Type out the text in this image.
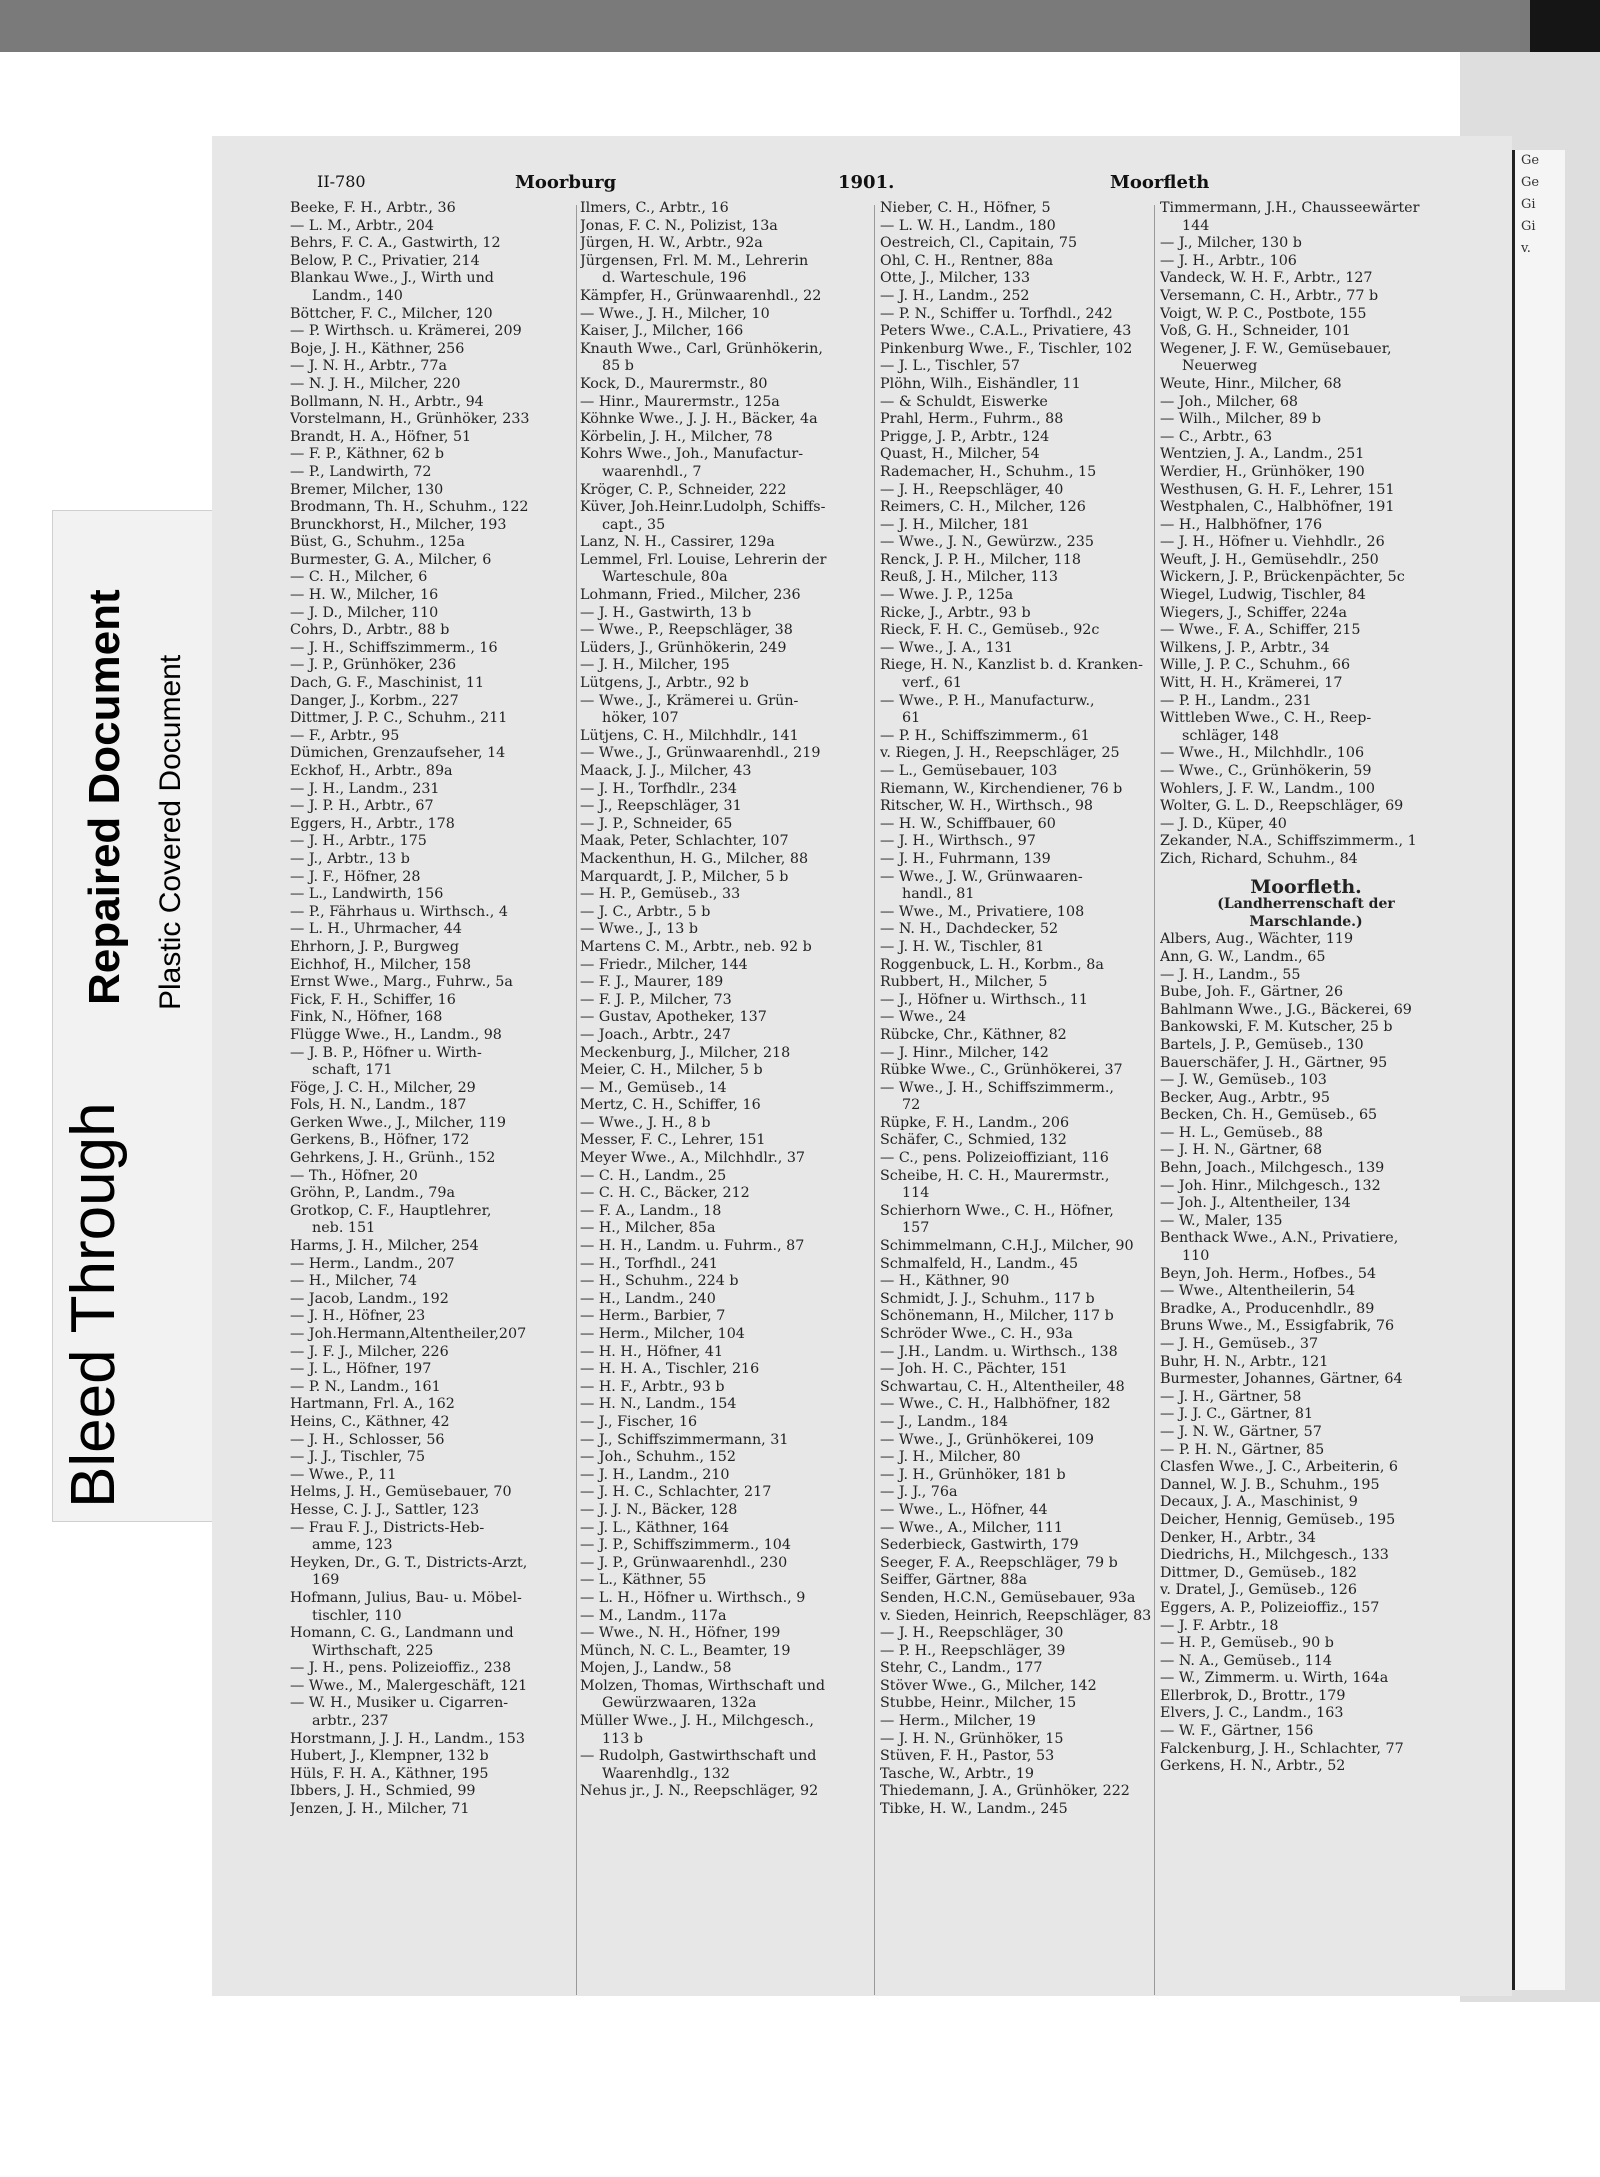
Bleed Through
Repaired Document Plastic Covered Document
Ge
Ge
Gi
Gi
v.
II-780	Moorburg	1901.	Moorfleth
Beeke, F. H., Arbtr., 36
— L. M., Arbtr., 204
Behrs, F. C. A., Gastwirth, 12
Below, P. C., Privatier, 214
Blankau Wwe., J., Wirth und
Landm., 140
Böttcher, F. C., Milcher, 120
— P. Wirthsch. u. Krämerei, 209
Boje, J. H., Käthner, 256
— J. N. H., Arbtr., 77a
— N. J. H., Milcher, 220
Bollmann, N. H., Arbtr., 94
Vorstelmann, H., Grünhöker, 233
Brandt, H. A., Höfner, 51
— F. P., Käthner, 62 b
— P., Landwirth, 72
Bremer, Milcher, 130
Brodmann, Th. H., Schuhm., 122
Brunckhorst, H., Milcher, 193
Büst, G., Schuhm., 125a
Burmester, G. A., Milcher, 6
— C. H., Milcher, 6
— H. W., Milcher, 16
— J. D., Milcher, 110
Cohrs, D., Arbtr., 88 b
— J. H., Schiffszimmerm., 16
— J. P., Grünhöker, 236
Dach, G. F., Maschinist, 11
Danger, J., Korbm., 227
Dittmer, J. P. C., Schuhm., 211
— F., Arbtr., 95
Dümichen, Grenzaufseher, 14
Eckhof, H., Arbtr., 89a
— J. H., Landm., 231
— J. P. H., Arbtr., 67
Eggers, H., Arbtr., 178
— J. H., Arbtr., 175
— J., Arbtr., 13 b
— J. F., Höfner, 28
— L., Landwirth, 156
— P., Fährhaus u. Wirthsch., 4
— L. H., Uhrmacher, 44
Ehrhorn, J. P., Burgweg
Eichhof, H., Milcher, 158
Ernst Wwe., Marg., Fuhrw., 5a
Fick, F. H., Schiffer, 16
Fink, N., Höfner, 168
Flügge Wwe., H., Landm., 98
— J. B. P., Höfner u. Wirth-
schaft, 171
Föge, J. C. H., Milcher, 29
Fols, H. N., Landm., 187
Gerken Wwe., J., Milcher, 119
Gerkens, B., Höfner, 172
Gehrkens, J. H., Grünh., 152
— Th., Höfner, 20
Gröhn, P., Landm., 79a
Grotkop, C. F., Hauptlehrer,
neb. 151
Harms, J. H., Milcher, 254
— Herm., Landm., 207
— H., Milcher, 74
— Jacob, Landm., 192
— J. H., Höfner, 23
— Joh.Hermann,Altentheiler,207
— J. F. J., Milcher, 226
— J. L., Höfner, 197
— P. N., Landm., 161
Hartmann, Frl. A., 162
Heins, C., Käthner, 42
— J. H., Schlosser, 56
— J. J., Tischler, 75
— Wwe., P., 11
Helms, J. H., Gemüsebauer, 70
Hesse, C. J. J., Sattler, 123
— Frau F. J., Districts-Heb-
amme, 123
Heyken, Dr., G. T., Districts-Arzt,
169
Hofmann, Julius, Bau- u. Möbel-
tischler, 110
Homann, C. G., Landmann und
Wirthschaft, 225
— J. H., pens. Polizeioffiz., 238
— Wwe., M., Malergeschäft, 121
— W. H., Musiker u. Cigarren-
arbtr., 237
Horstmann, J. J. H., Landm., 153
Hubert, J., Klempner, 132 b
Hüls, F. H. A., Käthner, 195
Ibbers, J. H., Schmied, 99
Jenzen, J. H., Milcher, 71
Ilmers, C., Arbtr., 16
Jonas, F. C. N., Polizist, 13a
Jürgen, H. W., Arbtr., 92a
Jürgensen, Frl. M. M., Lehrerin
d. Warteschule, 196
Kämpfer, H., Grünwaarenhdl., 22
— Wwe., J. H., Milcher, 10
Kaiser, J., Milcher, 166
Knauth Wwe., Carl, Grünhökerin,
85 b
Kock, D., Maurermstr., 80
— Hinr., Maurermstr., 125a
Köhnke Wwe., J. J. H., Bäcker, 4a
Körbelin, J. H., Milcher, 78
Kohrs Wwe., Joh., Manufactur-
waarenhdl., 7
Kröger, C. P., Schneider, 222
Küver, Joh.Heinr.Ludolph, Schiffs-
capt., 35
Lanz, N. H., Cassirer, 129a
Lemmel, Frl. Louise, Lehrerin der
Warteschule, 80a
Lohmann, Fried., Milcher, 236
— J. H., Gastwirth, 13 b
— Wwe., P., Reepschläger, 38
Lüders, J., Grünhökerin, 249
— J. H., Milcher, 195
Lütgens, J., Arbtr., 92 b
— Wwe., J., Krämerei u. Grün-
höker, 107
Lütjens, C. H., Milchhdlr., 141
— Wwe., J., Grünwaarenhdl., 219
Maack, J. J., Milcher, 43
— J. H., Torfhdlr., 234
— J., Reepschläger, 31
— J. P., Schneider, 65
Maak, Peter, Schlachter, 107
Mackenthun, H. G., Milcher, 88
Marquardt, J. P., Milcher, 5 b
— H. P., Gemüseb., 33
— J. C., Arbtr., 5 b
— Wwe., J., 13 b
Martens C. M., Arbtr., neb. 92 b
— Friedr., Milcher, 144
— F. J., Maurer, 189
— F. J. P., Milcher, 73
— Gustav, Apotheker, 137
— Joach., Arbtr., 247
Meckenburg, J., Milcher, 218
Meier, C. H., Milcher, 5 b
— M., Gemüseb., 14
Mertz, C. H., Schiffer, 16
— Wwe., J. H., 8 b
Messer, F. C., Lehrer, 151
Meyer Wwe., A., Milchhdlr., 37
— C. H., Landm., 25
— C. H. C., Bäcker, 212
— F. A., Landm., 18
— H., Milcher, 85a
— H. H., Landm. u. Fuhrm., 87
— H., Torfhdl., 241
— H., Schuhm., 224 b
— H., Landm., 240
— Herm., Barbier, 7
— Herm., Milcher, 104
— H. H., Höfner, 41
— H. H. A., Tischler, 216
— H. F., Arbtr., 93 b
— H. N., Landm., 154
— J., Fischer, 16
— J., Schiffszimmermann, 31
— Joh., Schuhm., 152
— J. H., Landm., 210
— J. H. C., Schlachter, 217
— J. J. N., Bäcker, 128
— J. L., Käthner, 164
— J. P., Schiffszimmerm., 104
— J. P., Grünwaarenhdl., 230
— L., Käthner, 55
— L. H., Höfner u. Wirthsch., 9
— M., Landm., 117a
— Wwe., N. H., Höfner, 199
Münch, N. C. L., Beamter, 19
Mojen, J., Landw., 58
Molzen, Thomas, Wirthschaft und
Gewürzwaaren, 132a
Müller Wwe., J. H., Milchgesch.,
113 b
— Rudolph, Gastwirthschaft und
Waarenhdlg., 132
Nehus jr., J. N., Reepschläger, 92
Nieber, C. H., Höfner, 5
— L. W. H., Landm., 180
Oestreich, Cl., Capitain, 75
Ohl, C. H., Rentner, 88a
Otte, J., Milcher, 133
— J. H., Landm., 252
— P. N., Schiffer u. Torfhdl., 242
Peters Wwe., C.A.L., Privatiere, 43
Pinkenburg Wwe., F., Tischler, 102
— J. L., Tischler, 57
Plöhn, Wilh., Eishändler, 11
— & Schuldt, Eiswerke
Prahl, Herm., Fuhrm., 88
Prigge, J. P., Arbtr., 124
Quast, H., Milcher, 54
Rademacher, H., Schuhm., 15
— J. H., Reepschläger, 40
Reimers, C. H., Milcher, 126
— J. H., Milcher, 181
— Wwe., J. N., Gewürzw., 235
Renck, J. P. H., Milcher, 118
Reuß, J. H., Milcher, 113
— Wwe. J. P., 125a
Ricke, J., Arbtr., 93 b
Rieck, F. H. C., Gemüseb., 92c
— Wwe., J. A., 131
Riege, H. N., Kanzlist b. d. Kranken-
verf., 61
— Wwe., P. H., Manufacturw.,
61
— P. H., Schiffszimmerm., 61
v. Riegen, J. H., Reepschläger, 25
— L., Gemüsebauer, 103
Riemann, W., Kirchendiener, 76 b
Ritscher, W. H., Wirthsch., 98
— H. W., Schiffbauer, 60
— J. H., Wirthsch., 97
— J. H., Fuhrmann, 139
— Wwe., J. W., Grünwaaren-
handl., 81
— Wwe., M., Privatiere, 108
— N. H., Dachdecker, 52
— J. H. W., Tischler, 81
Roggenbuck, L. H., Korbm., 8a
Rubbert, H., Milcher, 5
— J., Höfner u. Wirthsch., 11
— Wwe., 24
Rübcke, Chr., Käthner, 82
— J. Hinr., Milcher, 142
Rübke Wwe., C., Grünhökerei, 37
— Wwe., J. H., Schiffszimmerm.,
72
Rüpke, F. H., Landm., 206
Schäfer, C., Schmied, 132
— C., pens. Polizeioffiziant, 116
Scheibe, H. C. H., Maurermstr.,
114
Schierhorn Wwe., C. H., Höfner,
157
Schimmelmann, C.H.J., Milcher, 90
Schmalfeld, H., Landm., 45
— H., Käthner, 90
Schmidt, J. J., Schuhm., 117 b
Schönemann, H., Milcher, 117 b
Schröder Wwe., C. H., 93a
— J.H., Landm. u. Wirthsch., 138
— Joh. H. C., Pächter, 151
Schwartau, C. H., Altentheiler, 48
— Wwe., C. H., Halbhöfner, 182
— J., Landm., 184
— Wwe., J., Grünhökerei, 109
— J. H., Milcher, 80
— J. H., Grünhöker, 181 b
— J. J., 76a
— Wwe., L., Höfner, 44
— Wwe., A., Milcher, 111
Sederbieck, Gastwirth, 179
Seeger, F. A., Reepschläger, 79 b
Seiffer, Gärtner, 88a
Senden, H.C.N., Gemüsebauer, 93a
v. Sieden, Heinrich, Reepschläger, 83
— J. H., Reepschläger, 30
— P. H., Reepschläger, 39
Stehr, C., Landm., 177
Stöver Wwe., G., Milcher, 142
Stubbe, Heinr., Milcher, 15
— Herm., Milcher, 19
— J. H. N., Grünhöker, 15
Stüven, F. H., Pastor, 53
Tasche, W., Arbtr., 19
Thiedemann, J. A., Grünhöker, 222
Tibke, H. W., Landm., 245
Timmermann, J.H., Chausseewärter
144
— J., Milcher, 130 b
— J. H., Arbtr., 106
Vandeck, W. H. F., Arbtr., 127
Versemann, C. H., Arbtr., 77 b
Voigt, W. P. C., Postbote, 155
Voß, G. H., Schneider, 101
Wegener, J. F. W., Gemüsebauer,
Neuerweg
Weute, Hinr., Milcher, 68
— Joh., Milcher, 68
— Wilh., Milcher, 89 b
— C., Arbtr., 63
Wentzien, J. A., Landm., 251
Werdier, H., Grünhöker, 190
Westhusen, G. H. F., Lehrer, 151
Westphalen, C., Halbhöfner, 191
— H., Halbhöfner, 176
— J. H., Höfner u. Viehhdlr., 26
Weuft, J. H., Gemüsehdlr., 250
Wickern, J. P., Brückenpächter, 5c
Wiegel, Ludwig, Tischler, 84
Wiegers, J., Schiffer, 224a
— Wwe., F. A., Schiffer, 215
Wilkens, J. P., Arbtr., 34
Wille, J. P. C., Schuhm., 66
Witt, H. H., Krämerei, 17
— P. H., Landm., 231
Wittleben Wwe., C. H., Reep-
schläger, 148
— Wwe., H., Milchhdlr., 106
— Wwe., C., Grünhökerin, 59
Wohlers, J. F. W., Landm., 100
Wolter, G. L. D., Reepschläger, 69
— J. D., Küper, 40
Zekander, N.A., Schiffszimmerm., 1
Zich, Richard, Schuhm., 84
Moorfleth.
(Landherrenschaft der
Marschlande.)
Albers, Aug., Wächter, 119
Ann, G. W., Landm., 65
— J. H., Landm., 55
Bube, Joh. F., Gärtner, 26
Bahlmann Wwe., J.G., Bäckerei, 69
Bankowski, F. M. Kutscher, 25 b
Bartels, J. P., Gemüseb., 130
Bauerschäfer, J. H., Gärtner, 95
— J. W., Gemüseb., 103
Becker, Aug., Arbtr., 95
Becken, Ch. H., Gemüseb., 65
— H. L., Gemüseb., 88
— J. H. N., Gärtner, 68
Behn, Joach., Milchgesch., 139
— Joh. Hinr., Milchgesch., 132
— Joh. J., Altentheiler, 134
— W., Maler, 135
Benthack Wwe., A.N., Privatiere,
110
Beyn, Joh. Herm., Hofbes., 54
— Wwe., Altentheilerin, 54
Bradke, A., Producenhdlr., 89
Bruns Wwe., M., Essigfabrik, 76
— J. H., Gemüseb., 37
Buhr, H. N., Arbtr., 121
Burmester, Johannes, Gärtner, 64
— J. H., Gärtner, 58
— J. J. C., Gärtner, 81
— J. N. W., Gärtner, 57
— P. H. N., Gärtner, 85
Clasfen Wwe., J. C., Arbeiterin, 6
Dannel, W. J. B., Schuhm., 195
Decaux, J. A., Maschinist, 9
Deicher, Hennig, Gemüseb., 195
Denker, H., Arbtr., 34
Diedrichs, H., Milchgesch., 133
Dittmer, D., Gemüseb., 182
v. Dratel, J., Gemüseb., 126
Eggers, A. P., Polizeioffiz., 157
— J. F. Arbtr., 18
— H. P., Gemüseb., 90 b
— N. A., Gemüseb., 114
— W., Zimmerm. u. Wirth, 164a
Ellerbrok, D., Brottr., 179
Elvers, J. C., Landm., 163
— W. F., Gärtner, 156
Falckenburg, J. H., Schlachter, 77
Gerkens, H. N., Arbtr., 52
